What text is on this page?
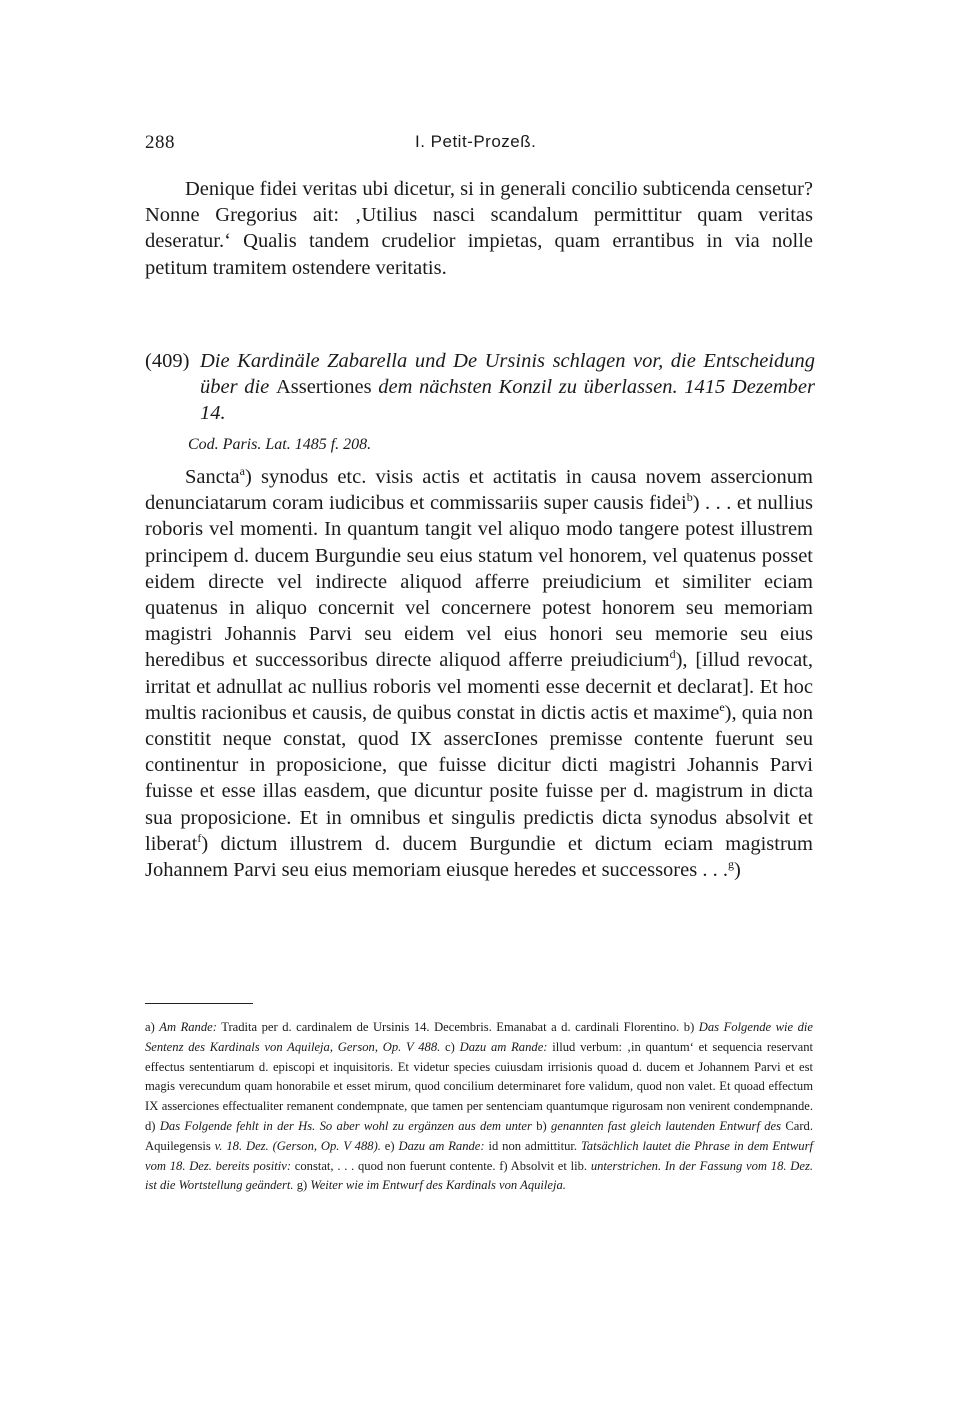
288	I. Petit-Prozeß.

Denique fidei veritas ubi dicetur, si in generali concilio subticenda censetur? Nonne Gregorius ait: ‚Utilius nasci scandalum permittitur quam veritas deseratur.‘ Qualis tandem crudelior impietas, quam errantibus in via nolle petitum tramitem ostendere veritatis.

(409) Die Kardinäle Zabarella und De Ursinis schlagen vor, die Entscheidung über die Assertiones dem nächsten Konzil zu überlassen. 1415 Dezember 14.
Cod. Paris. Lat. 1485 f. 208.

Sancta$^a$) synodus etc. visis actis et actitatis in causa novem assercionum denunciatarum coram iudicibus et commissariis super causis fidei$^b$) . . . et nullius roboris vel momenti. In quantum tangit vel aliquo modo tangere potest illustrem principem d. ducem Burgundie seu eius statum vel honorem, vel quatenus posset eidem directe vel indirecte aliquod afferre preiudicium et similiter eciam quatenus in aliquo concernit vel concernere potest honorem seu memoriam magistri Johannis Parvi seu eidem vel eius honori seu memorie seu eius heredibus et successoribus directe aliquod afferre preiudicium$^d$), [illud revocat, irritat et adnullat ac nullius roboris vel momenti esse decernit et declarat]. Et hoc multis racionibus et causis, de quibus constat in dictis actis et maxime$^e$), quia non constitit neque constat, quod IX assercIones premisse contente fuerunt seu continentur in proposicione, que fuisse dicitur dicti magistri Johannis Parvi fuisse et esse illas easdem, que dicuntur posite fuisse per d. magistrum in dicta sua proposicione. Et in omnibus et singulis predictis dicta synodus absolvit et liberat$^f$) dictum illustrem d. ducem Burgundie et dictum eciam magistrum Johannem Parvi seu eius memoriam eiusque heredes et successores . . .$^g$)

a) Am Rande: Tradita per d. cardinalem de Ursinis 14. Decembris. Emanabat a d. cardinali Florentino. b) Das Folgende wie die Sentenz des Kardinals von Aquileja, Gerson, Op. V 488. c) Dazu am Rande: illud verbum: ‚in quantum‘ et sequencia reservant effectus sententiarum d. episcopi et inquisitoris. Et videtur species cuiusdam irrisionis quoad d. ducem et Johannem Parvi et est magis verecundum quam honorabile et esset mirum, quod concilium determinaret fore validum, quod non valet. Et quoad effectum IX asserciones effectualiter remanent condempnate, que tamen per sentenciam quantumque rigurosam non venirent condempnande. d) Das Folgende fehlt in der Hs. So aber wohl zu ergänzen aus dem unter b) genannten fast gleich lautenden Entwurf des Card. Aquilegensis v. 18. Dez. (Gerson, Op. V 488). e) Dazu am Rande: id non admittitur. Tatsächlich lautet die Phrase in dem Entwurf vom 18. Dez. bereits positiv: constat, . . . quod non fuerunt contente. f) Absolvit et lib. unterstrichen. In der Fassung vom 18. Dez. ist die Wortstellung geändert. g) Weiter wie im Entwurf des Kardinals von Aquileja.
